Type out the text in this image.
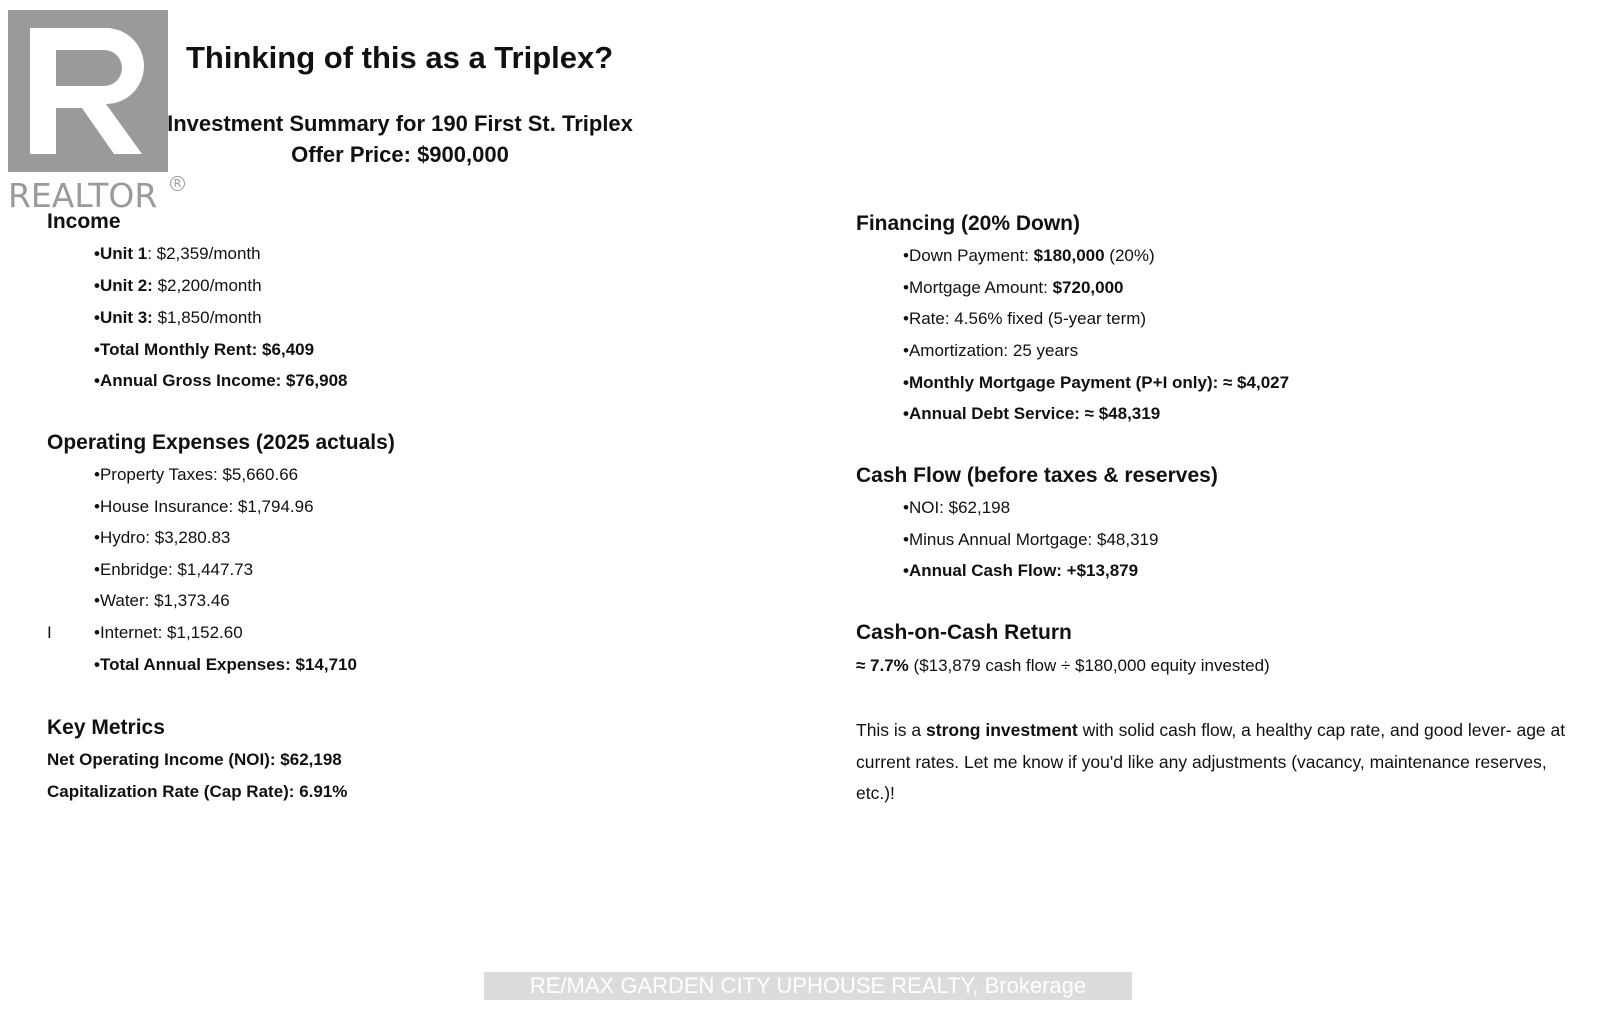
REALTOR	R
Thinking of this as a Triplex?
Investment Summary for 190 First St. Triplex
Offer Price: $900,000
Income
•Unit 1: $2,359/month
•Unit 2: $2,200/month
•Unit 3: $1,850/month
•Total Monthly Rent: $6,409
•Annual Gross Income: $76,908
Operating Expenses (2025 actuals)
•Property Taxes: $5,660.66
•House Insurance: $1,794.96
•Hydro: $3,280.83
•Enbridge: $1,447.73
•Water: $1,373.46
I •Internet: $1,152.60
•Total Annual Expenses: $14,710
Key Metrics
Net Operating Income (NOI): $62,198
Capitalization Rate (Cap Rate): 6.91%
Financing (20% Down)
•Down Payment: $180,000 (20%)
•Mortgage Amount: $720,000
•Rate: 4.56% fixed (5-year term)
•Amortization: 25 years
•Monthly Mortgage Payment (P+I only): ≈ $4,027
•Annual Debt Service: ≈ $48,319
Cash Flow (before taxes & reserves)
•NOI: $62,198
•Minus Annual Mortgage: $48,319
•Annual Cash Flow: +$13,879
Cash-on-Cash Return
≈ 7.7% ($13,879 cash flow ÷ $180,000 equity invested)
This is a strong investment with solid cash flow, a healthy cap rate, and good lever- age at current rates. Let me know if you'd like any adjustments (vacancy, maintenance reserves, etc.)!
RE/MAX GARDEN CITY UPHOUSE REALTY, Brokerage
